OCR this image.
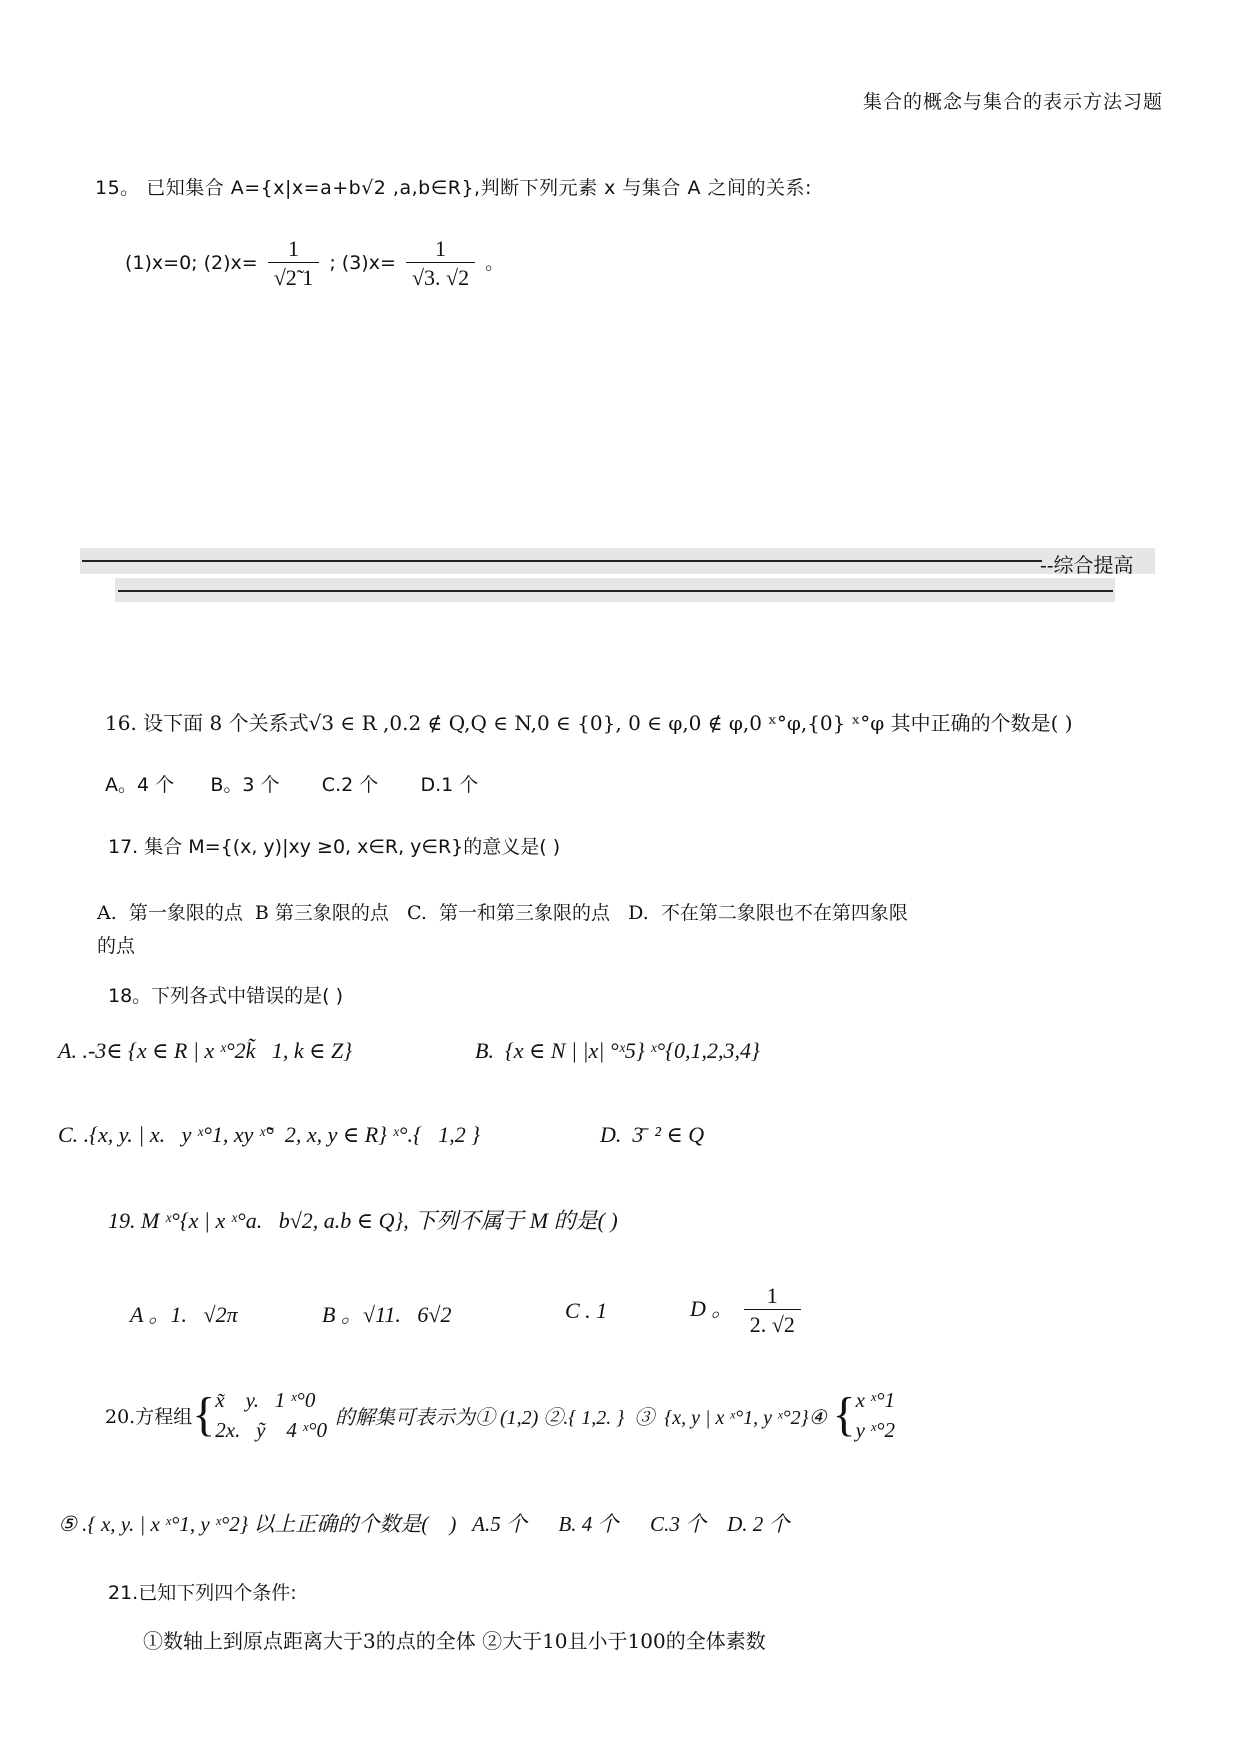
集合的概念与集合的表示方法习题
15。 已知集合 A={x|x=a+b√2 ,a,b∈R},判断下列元素 x 与集合 A 之间的关系:
(1)x=0; $(2)x= \frac{1}{√2̃ 1}$ ; $(3)x= \frac{1}{√3. √2}$ 。
--综合提高
16. 设下面 8 个关系式√3 ∈ R ,0.2 ∉ Q,Q ∈ N,0 ∈ {0}, 0 ∈ φ,0 ∉ φ,0 ˣ°φ,{0} ˣ°φ 其中正确的个数是( )
A。4 个      B。3 个       C.2 个       D.1 个
17. 集合 M={(x, y)|xy ≥0, x∈R, y∈R}的意义是( )
A.  第一象限的点  B 第三象限的点   C.  第一和第三象限的点   D.  不在第二象限也不在第四象限
的点
18。下列各式中错误的是( )
A. .-3∈ {x ∈ R | x ˣ°2k̃   1, k ∈ Z}	B.  {x ∈ N | |x| °ˣ5} ˣ°{0,1,2,3,4}
C. .{x, y. | x.   y ˣ°1, xy ˣ̃°  2, x, y ∈ R} ˣ°.{   1,2 }	D.  3̄  ² ∈ Q
19. M ˣ°{x | x ˣ°a.   b√2, a.b ∈ Q}, 下列不属于 M 的是( )
A 。1.   √2π	B 。√11.   6√2	C . 1	D 。 $\frac{1}{2. √2}$
20.方程组 { x̃    y.   1 ˣ°0
2x.   ỹ    4 ˣ°0
的解集可表示为① (1,2) ②.{ 1,2. }  ③  {x, y | x ˣ°1, y ˣ°2}④ { x ˣ°1
y ˣ°2
⑤ .{ x, y. | x ˣ°1, y ˣ°2} 以上正确的个数是(    )   A.5 个      B. 4 个      C.3 个    D. 2 个
21.已知下列四个条件:
①数轴上到原点距离大于3的点的全体 ②大于10且小于100的全体素数
